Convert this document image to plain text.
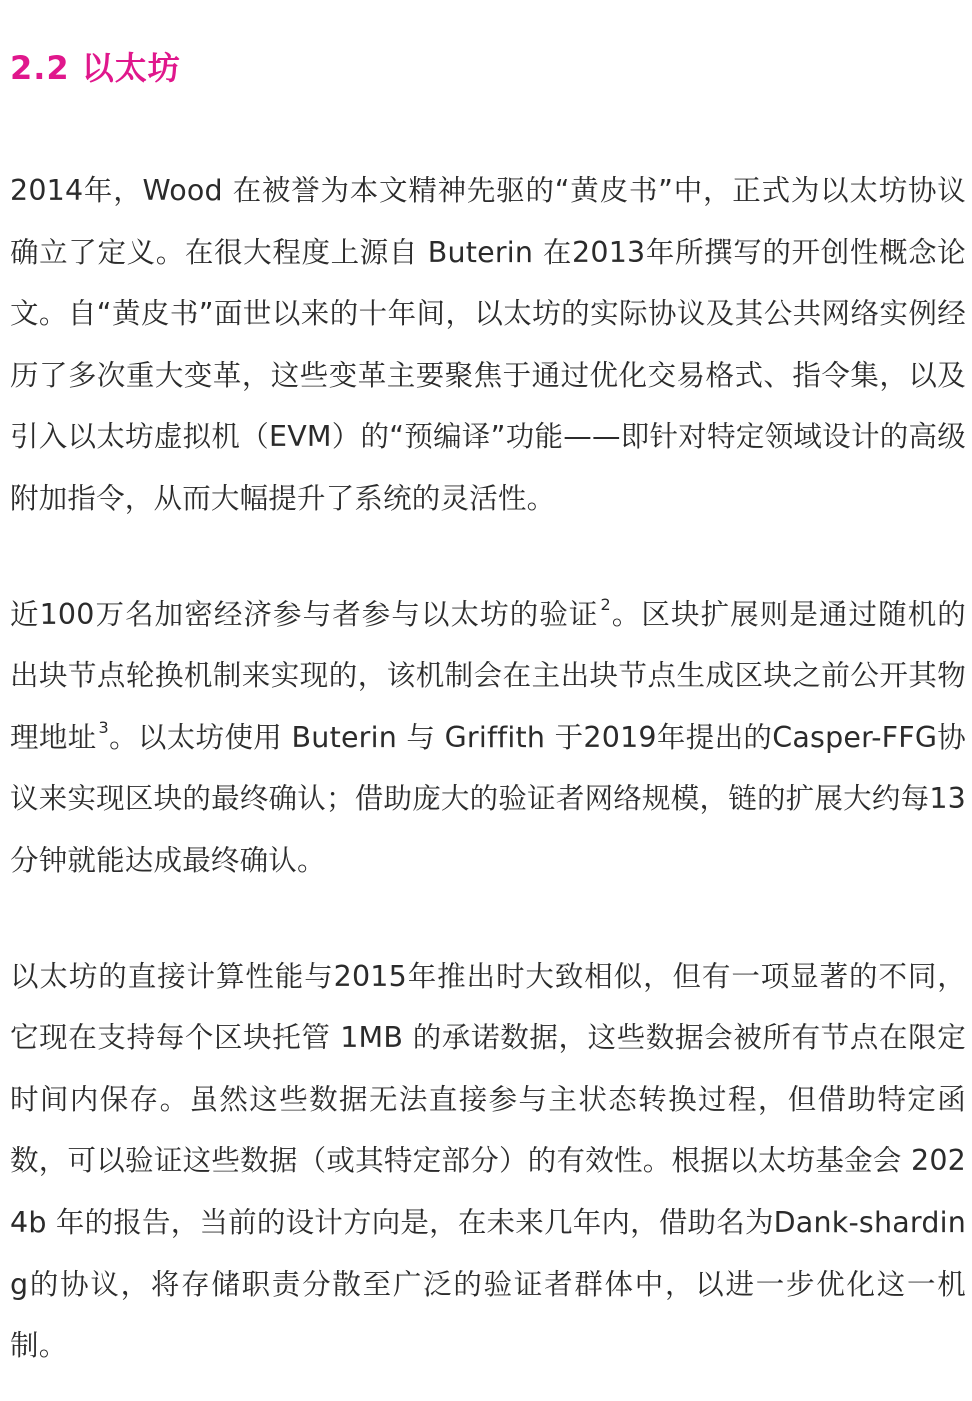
2.2 以太坊

2014年，Wood 在被誉为本文精神先驱的“黄皮书”中，正式为以太坊协议确立了定义。在很大程度上源自 Buterin 在2013年所撰写的开创性概念论文。自“黄皮书”面世以来的十年间，以太坊的实际协议及其公共网络实例经历了多次重大变革，这些变革主要聚焦于通过优化交易格式、指令集，以及引入以太坊虚拟机（EVM）的“预编译”功能——即针对特定领域设计的高级附加指令，从而大幅提升了系统的灵活性。

近100万名加密经济参与者参与以太坊的验证 $^2$。区块扩展则是通过随机的出块节点轮换机制来实现的，该机制会在主出块节点生成区块之前公开其物理地址 $^3$。以太坊使用 Buterin 与 Griffith 于2019年提出的Casper-FFG协议来实现区块的最终确认；借助庞大的验证者网络规模，链的扩展大约每13分钟就能达成最终确认。

以太坊的直接计算性能与2015年推出时大致相似，但有一项显著的不同，它现在支持每个区块托管 1MB 的承诺数据，这些数据会被所有节点在限定时间内保存。虽然这些数据无法直接参与主状态转换过程，但借助特定函数，可以验证这些数据（或其特定部分）的有效性。根据以太坊基金会 2024b 年的报告，当前的设计方向是，在未来几年内，借助名为Dank-sharding的协议，将存储职责分散至广泛的验证者群体中，以进一步优化这一机制。
